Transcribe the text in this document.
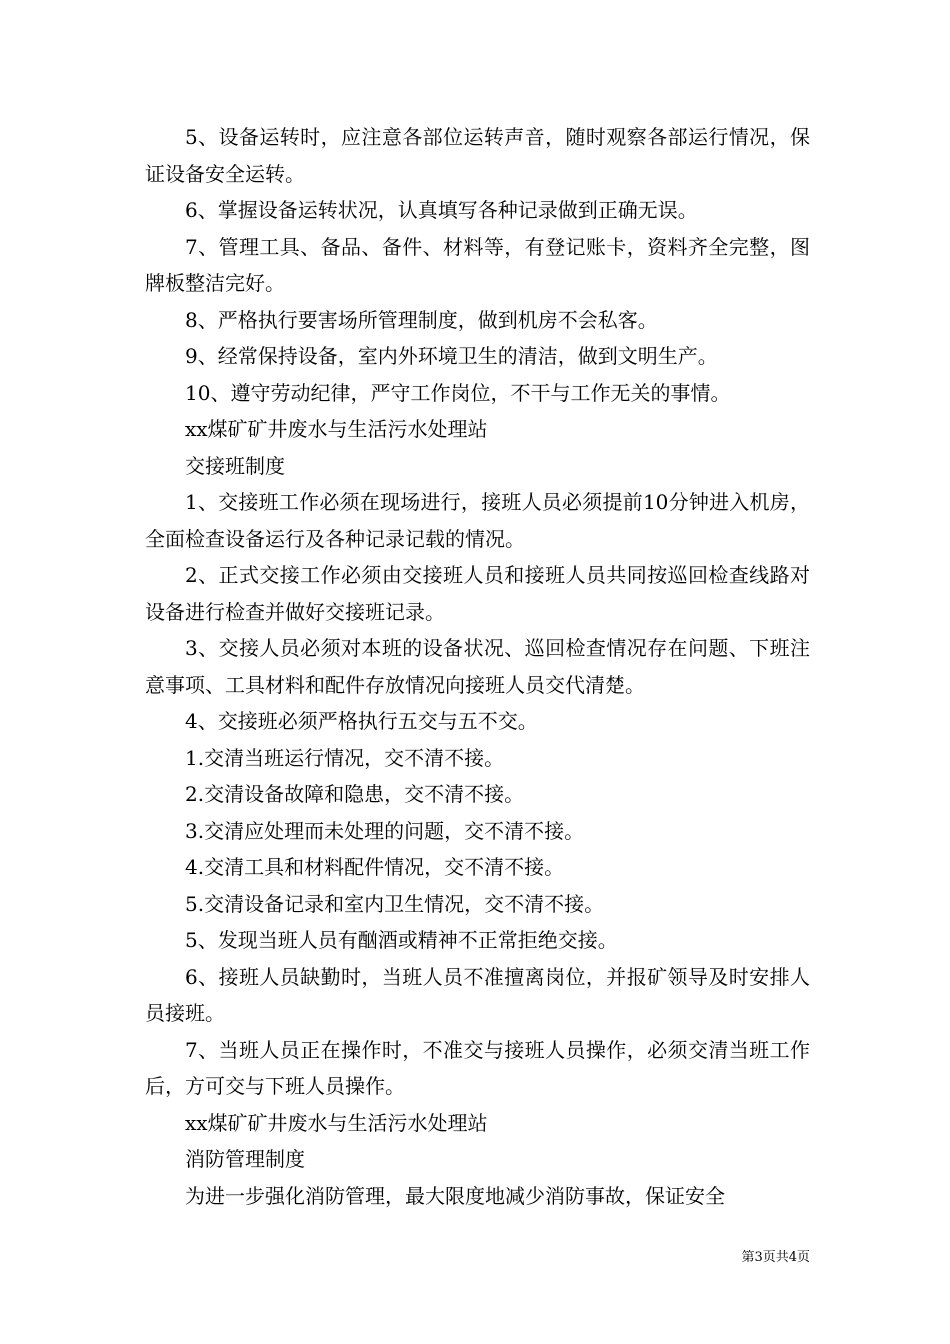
5、设备运转时，应注意各部位运转声音，随时观察各部运行情况，保证设备安全运转。

6、掌握设备运转状况，认真填写各种记录做到正确无误。

7、管理工具、备品、备件、材料等，有登记账卡，资料齐全完整，图牌板整洁完好。

8、严格执行要害场所管理制度，做到机房不会私客。

9、经常保持设备，室内外环境卫生的清洁，做到文明生产。

10、遵守劳动纪律，严守工作岗位，不干与工作无关的事情。

xx煤矿矿井废水与生活污水处理站

交接班制度

1、交接班工作必须在现场进行，接班人员必须提前10分钟进入机房，全面检查设备运行及各种记录记载的情况。

2、正式交接工作必须由交接班人员和接班人员共同按巡回检查线路对设备进行检查并做好交接班记录。

3、交接人员必须对本班的设备状况、巡回检查情况存在问题、下班注意事项、工具材料和配件存放情况向接班人员交代清楚。

4、交接班必须严格执行五交与五不交。

1.交清当班运行情况，交不清不接。

2.交清设备故障和隐患，交不清不接。

3.交清应处理而未处理的问题，交不清不接。

4.交清工具和材料配件情况，交不清不接。

5.交清设备记录和室内卫生情况，交不清不接。

5、发现当班人员有酗酒或精神不正常拒绝交接。

6、接班人员缺勤时，当班人员不准擅离岗位，并报矿领导及时安排人员接班。

7、当班人员正在操作时，不准交与接班人员操作，必须交清当班工作后，方可交与下班人员操作。

xx煤矿矿井废水与生活污水处理站

消防管理制度

为进一步强化消防管理，最大限度地减少消防事故，保证安全

第3页共4页
